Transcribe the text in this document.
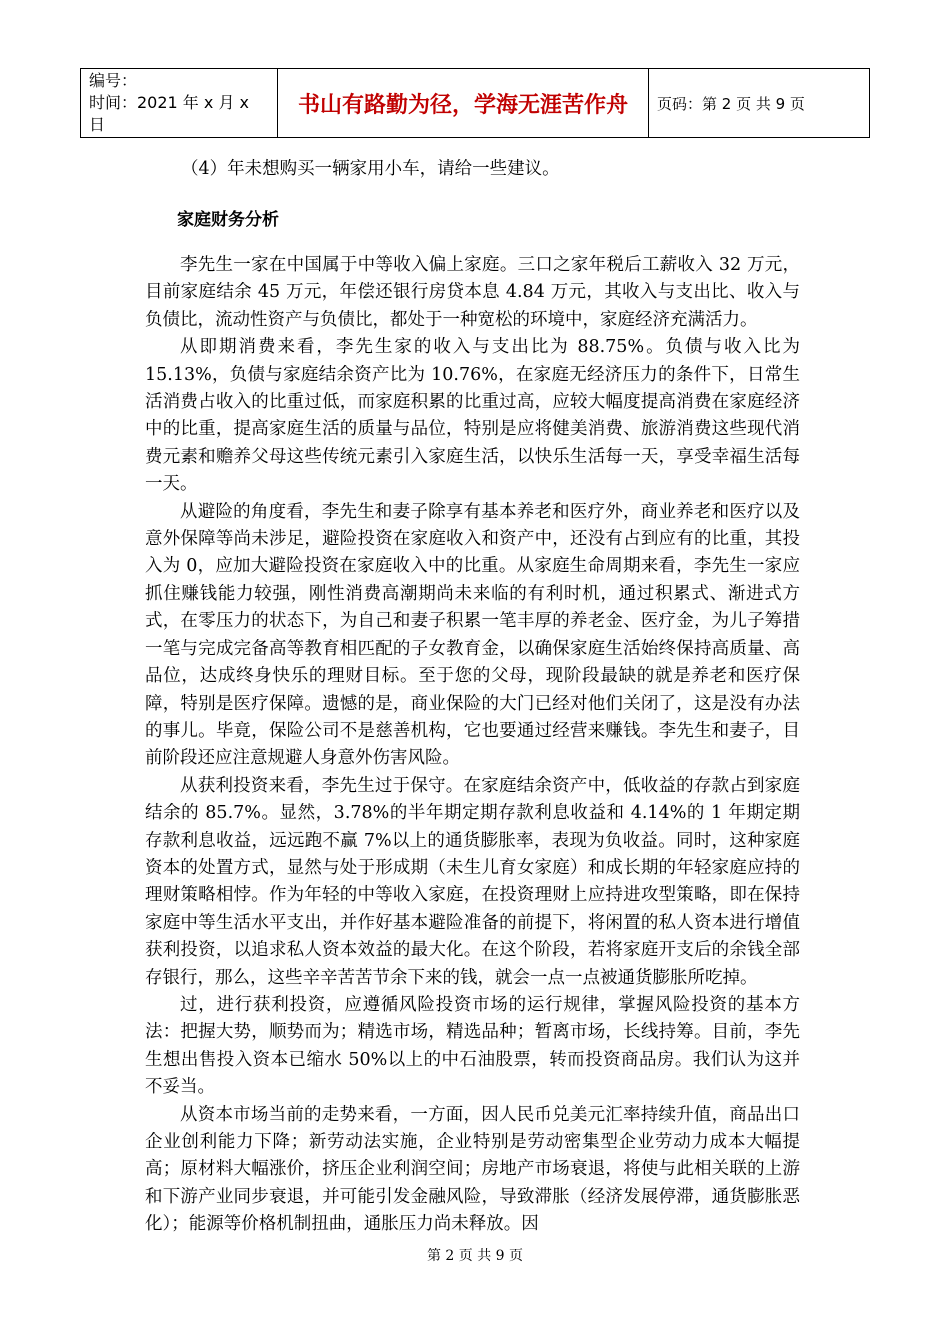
编号：
时间：2021 年 x 月 x 日
	书山有路勤为径，学海无涯苦作舟	页码：第 2 页 共 9 页
（4）年未想购买一辆家用小车，请给一些建议。
家庭财务分析
李先生一家在中国属于中等收入偏上家庭。三口之家年税后工薪收入 32 万元，目前家庭结余 45 万元，年偿还银行房贷本息 4.84 万元，其收入与支出比、收入与负债比，流动性资产与负债比，都处于一种宽松的环境中，家庭经济充满活力。
从即期消费来看，李先生家的收入与支出比为 88.75%。负债与收入比为 15.13%，负债与家庭结余资产比为 10.76%，在家庭无经济压力的条件下，日常生活消费占收入的比重过低，而家庭积累的比重过高，应较大幅度提高消费在家庭经济中的比重，提高家庭生活的质量与品位，特别是应将健美消费、旅游消费这些现代消费元素和赡养父母这些传统元素引入家庭生活，以快乐生活每一天，享受幸福生活每一天。
从避险的角度看，李先生和妻子除享有基本养老和医疗外，商业养老和医疗以及意外保障等尚未涉足，避险投资在家庭收入和资产中，还没有占到应有的比重，其投入为 0，应加大避险投资在家庭收入中的比重。从家庭生命周期来看，李先生一家应抓住赚钱能力较强，刚性消费高潮期尚未来临的有利时机，通过积累式、渐进式方式，在零压力的状态下，为自己和妻子积累一笔丰厚的养老金、医疗金，为儿子筹措一笔与完成完备高等教育相匹配的子女教育金，以确保家庭生活始终保持高质量、高品位，达成终身快乐的理财目标。至于您的父母，现阶段最缺的就是养老和医疗保障，特别是医疗保障。遗憾的是，商业保险的大门已经对他们关闭了，这是没有办法的事儿。毕竟，保险公司不是慈善机构，它也要通过经营来赚钱。李先生和妻子，目前阶段还应注意规避人身意外伤害风险。
从获利投资来看，李先生过于保守。在家庭结余资产中，低收益的存款占到家庭结余的 85.7%。显然，3.78%的半年期定期存款利息收益和 4.14%的 1 年期定期存款利息收益，远远跑不赢 7%以上的通货膨胀率，表现为负收益。同时，这种家庭资本的处置方式，显然与处于形成期（未生儿育女家庭）和成长期的年轻家庭应持的理财策略相悖。作为年轻的中等收入家庭，在投资理财上应持进攻型策略，即在保持家庭中等生活水平支出，并作好基本避险准备的前提下，将闲置的私人资本进行增值获利投资，以追求私人资本效益的最大化。在这个阶段，若将家庭开支后的余钱全部存银行，那么，这些辛辛苦苦节余下来的钱，就会一点一点被通货膨胀所吃掉。
过，进行获利投资，应遵循风险投资市场的运行规律，掌握风险投资的基本方法：把握大势，顺势而为；精选市场，精选品种；暂离市场，长线持筹。目前，李先生想出售投入资本已缩水 50%以上的中石油股票，转而投资商品房。我们认为这并不妥当。
从资本市场当前的走势来看，一方面，因人民币兑美元汇率持续升值，商品出口企业创利能力下降；新劳动法实施，企业特别是劳动密集型企业劳动力成本大幅提高；原材料大幅涨价，挤压企业利润空间；房地产市场衰退，将使与此相关联的上游和下游产业同步衰退，并可能引发金融风险，导致滞胀（经济发展停滞，通货膨胀恶化）；能源等价格机制扭曲，通胀压力尚未释放。因
第 2 页 共 9 页
